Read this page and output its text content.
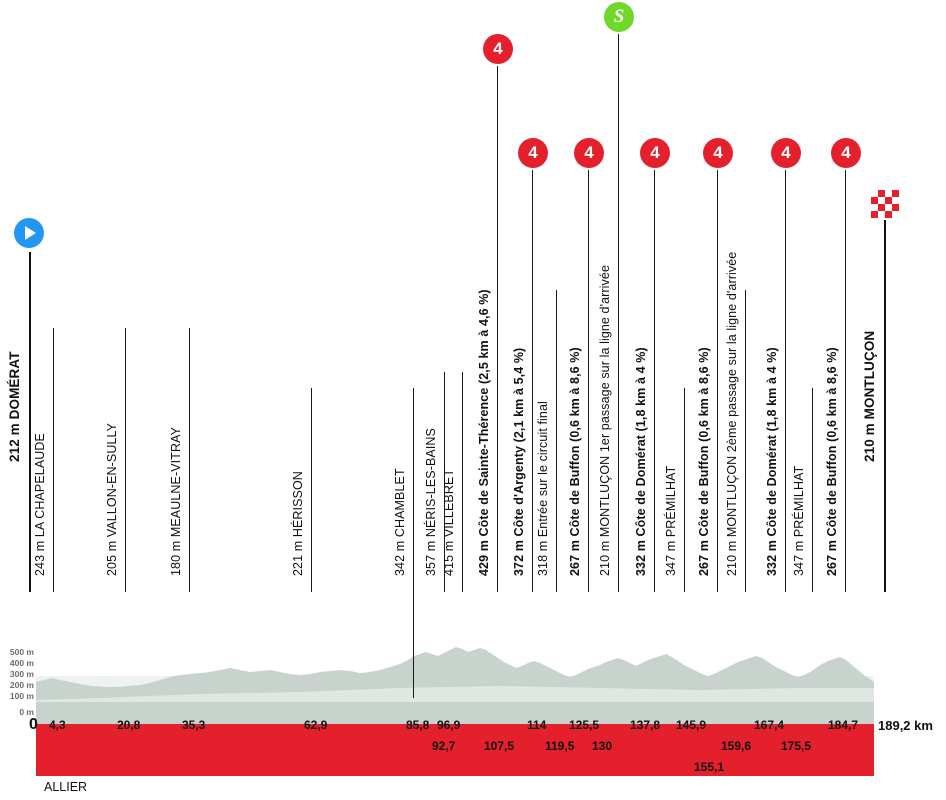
500 m
400 m
300 m
200 m
100 m
0 m
ALLIER
212 m DOMÉRAT
210 m MONTLUÇON
243 m LA CHAPELAUDE
205 m VALLON-EN-SULLY
180 m MEAULNE-VITRAY
221 m HÉRISSON
342 m CHAMBLET
357 m NÉRIS-LES-BAINS
415 m VILLEBRET
4
429 m Côte de Sainte-Thérence (2,5 km à 4,6 %)
4
372 m Côte d'Argenty (2,1 km à 5,4 %)
318 m Entrée sur le circuit final
4
267 m Côte de Buffon (0,6 km à 8,6 %)
S
210 m MONTLUÇON 1er passage sur la ligne d'arrivée
4
332 m Côte de Domérat (1,8 km à 4 %)
347 m PRÉMILHAT
4
267 m Côte de Buffon (0,6 km à 8,6 %)
210 m MONTLUÇON 2ème passage sur la ligne d'arrivée
4
332 m Côte de Domérat (1,8 km à 4 %)
347 m PRÉMILHAT
4
267 m Côte de Buffon (0,6 km à 8,6 %)
0 4,3	20,8	35,3	62,9	85,8 96,9	114 125,5	137,8 145,9	167,4	184,7 189,2 km
92,7 107,5	119,5 130	159,6 175,5
155,1
